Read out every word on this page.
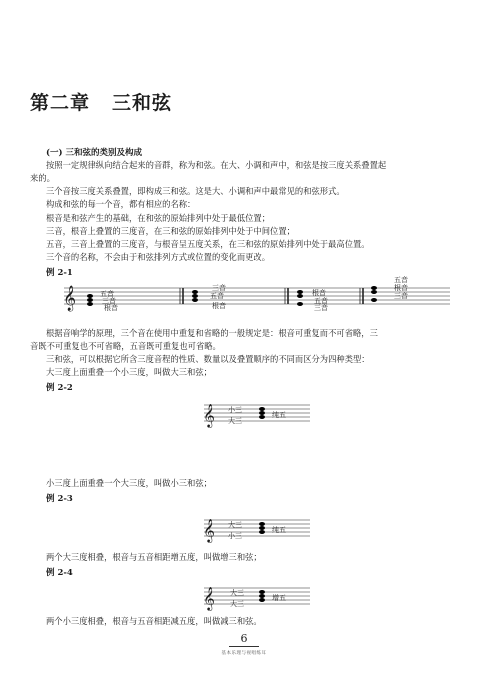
第二章 三和弦
(一) 三和弦的类别及构成
按照一定规律纵向结合起来的音群，称为和弦。在大、小调和声中，和弦是按三度关系叠置起
来的。
三个音按三度关系叠置，即构成三和弦。这是大、小调和声中最常见的和弦形式。
构成和弦的每一个音，都有相应的名称：
根音是和弦产生的基础，在和弦的原始排列中处于最低位置；
三音，根音上叠置的三度音，在三和弦的原始排列中处于中间位置；
五音，三音上叠置的三度音，与根音呈五度关系，在三和弦的原始排列中处于最高位置。
三个音的名称，不会由于和弦排列方式或位置的变化而更改。
例 2-1
𝄞	五音
三音
根音
三音
五音
根音
根音
五音
三音
五音
根音
三音
根据音响学的原理，三个音在使用中重复和省略的一般规定是：根音可重复而不可省略，三
音既不可重复也不可省略，五音既可重复也可省略。
三和弦，可以根据它所含三度音程的性质、数量以及叠置顺序的不同而区分为四种类型：
大三度上面重叠一个小三度，叫做大三和弦；
例 2-2
𝄞 小三
大三
纯五
小三度上面重叠一个大三度，叫做小三和弦；
例 2-3
𝄞 大三
小三
纯五
两个大三度相叠，根音与五音相距增五度，叫做增三和弦；
例 2-4
𝄞 大三
大三
增五
两个小三度相叠，根音与五音相距减五度，叫做减三和弦。
6
基本乐理与视唱练耳
